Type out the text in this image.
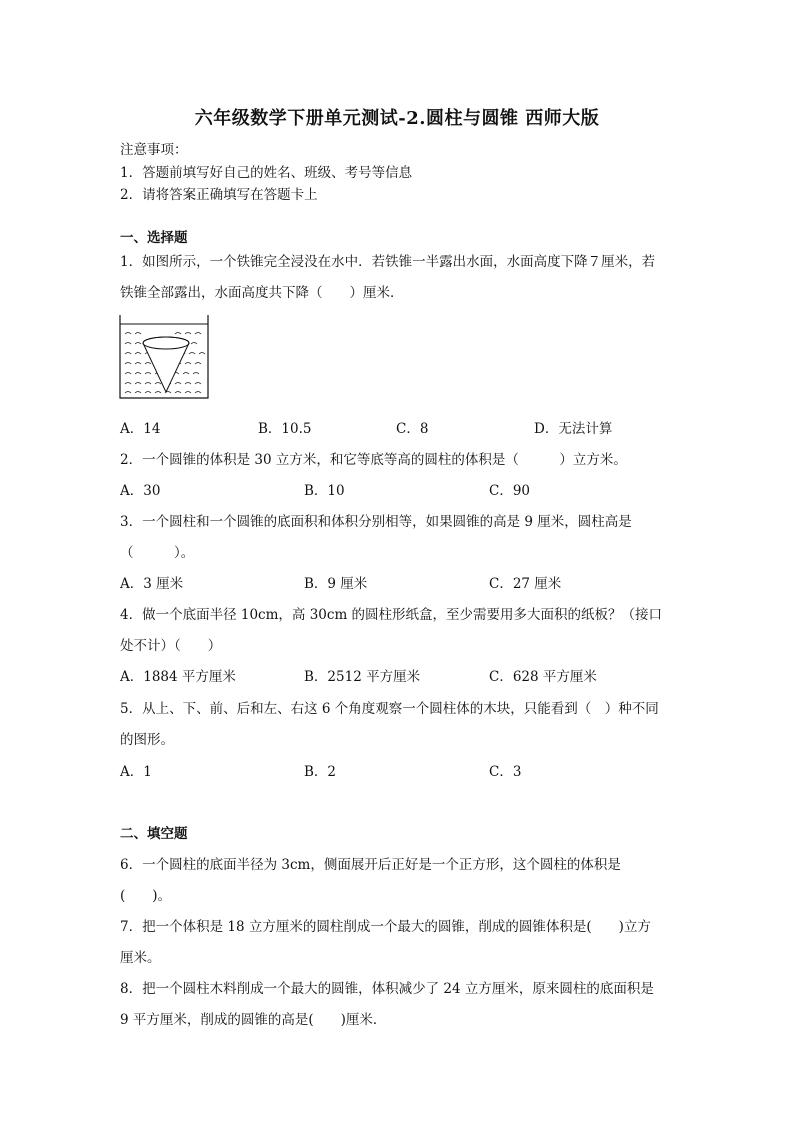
六年级数学下册单元测试-2.圆柱与圆锥 西师大版
注意事项：
1．答题前填写好自己的姓名、班级、考号等信息
2．请将答案正确填写在答题卡上
一、选择题
1．如图所示，一个铁锥完全浸没在水中．若铁锥一半露出水面，水面高度下降７厘米，若
铁锥全部露出，水面高度共下降（　　）厘米．
A．14	B．10.5	C．8	D．无法计算
2．一个圆锥的体积是 30 立方米，和它等底等高的圆柱的体积是（　　　）立方米。
A．30	B．10	C．90
3．一个圆柱和一个圆锥的底面积和体积分别相等，如果圆锥的高是 9 厘米，圆柱高是
（　　　）。
A．3 厘米	B．9 厘米	C．27 厘米
4．做一个底面半径 10cm，高 30cm 的圆柱形纸盒，至少需要用多大面积的纸板？（接口
处不计）（　　）
A．1884 平方厘米	B．2512 平方厘米	C．628 平方厘米
5．从上、下、前、后和左、右这 6 个角度观察一个圆柱体的木块，只能看到（　）种不同
的图形。
A．1	B．2	C．3
二、填空题
6．一个圆柱的底面半径为 3cm，侧面展开后正好是一个正方形，这个圆柱的体积是
(　　)。
7．把一个体积是 18 立方厘米的圆柱削成一个最大的圆锥，削成的圆锥体积是(　　)立方
厘米。
8．把一个圆柱木料削成一个最大的圆锥，体积减少了 24 立方厘米，原来圆柱的底面积是
9 平方厘米，削成的圆锥的高是(　　)厘米．
